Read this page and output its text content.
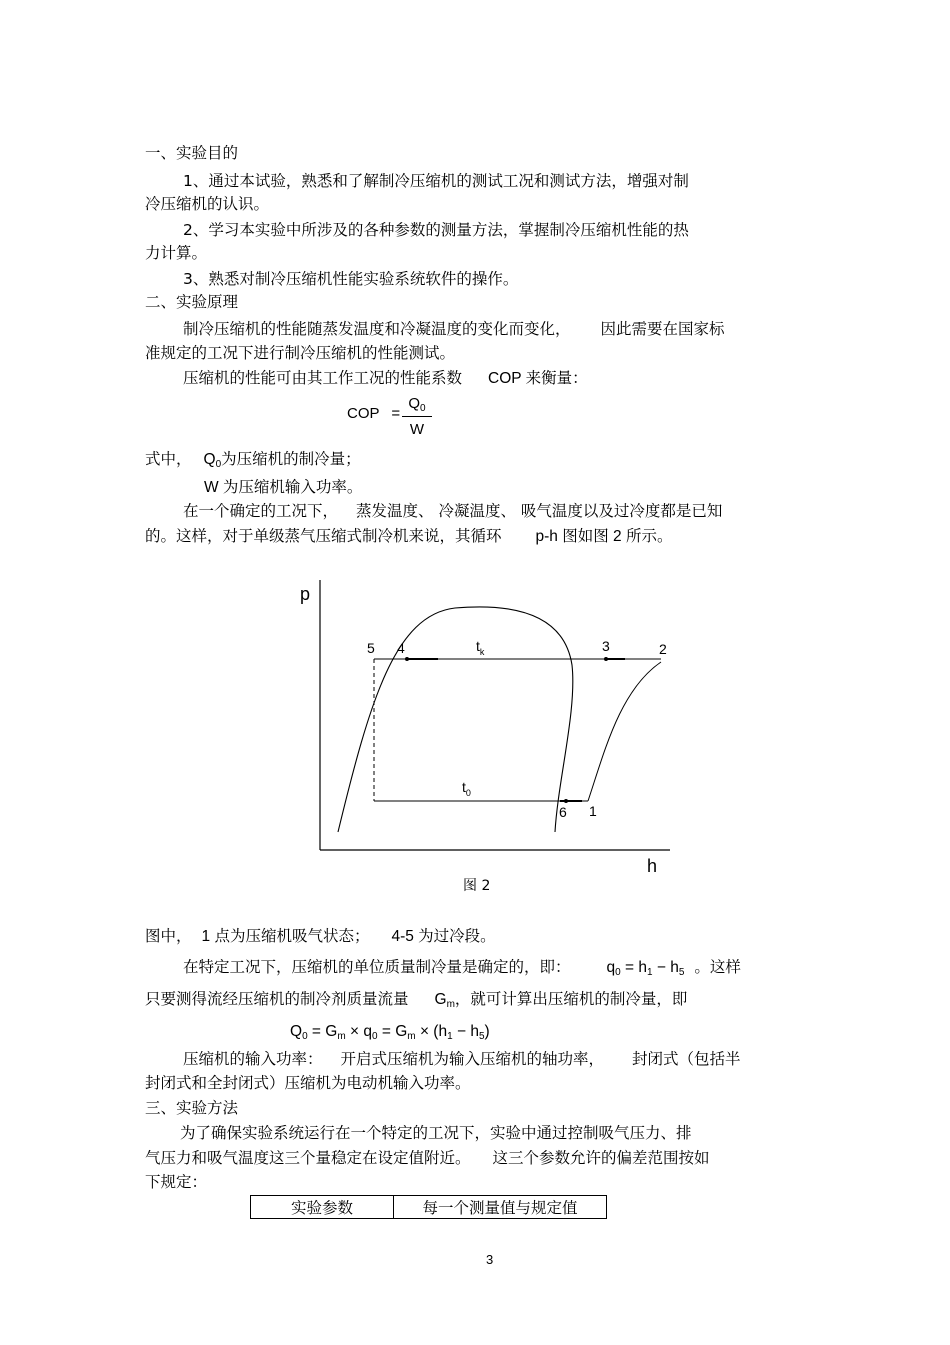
一、实验目的
1、通过本试验，熟悉和了解制冷压缩机的测试工况和测试方法，增强对制
冷压缩机的认识。
2、学习本实验中所涉及的各种参数的测量方法，掌握制冷压缩机性能的热
力计算。
3、熟悉对制冷压缩机性能实验系统软件的操作。
二、实验原理
制冷压缩机的性能随蒸发温度和冷凝温度的变化而变化， 因此需要在国家标
准规定的工况下进行制冷压缩机的性能测试。
压缩机的性能可由其工作工况的性能系数 COP 来衡量：
COP =
$Q_0$
W
式中， $Q_0$为压缩机的制冷量；
W 为压缩机输入功率。
在一个确定的工况下， 蒸发温度、 冷凝温度、 吸气温度以及过冷度都是已知
的。这样，对于单级蒸气压缩式制冷机来说，其循环 p-h 图如图 2 所示。
p
h
5 4	3	2
1
6
$t_k$
$t_0$
图 2
图中， 1 点为压缩机吸气状态； 4-5 为过冷段。
在特定工况下，压缩机的单位质量制冷量是确定的，即： $q_0 = h_1 - h_5$ 。这样
只要测得流经压缩机的制冷剂质量流量 $G_m$，就可计算出压缩机的制冷量，即
$Q_0 = G_m \times q_0 = G_m \times (h_1 - h_5)$
压缩机的输入功率： 开启式压缩机为输入压缩机的轴功率， 封闭式（包括半
封闭式和全封闭式）压缩机为电动机输入功率。
三、实验方法
为了确保实验系统运行在一个特定的工况下，实验中通过控制吸气压力、排
气压力和吸气温度这三个量稳定在设定值附近。 这三个参数允许的偏差范围按如
下规定：
实验参数	每一个测量值与规定值
3
